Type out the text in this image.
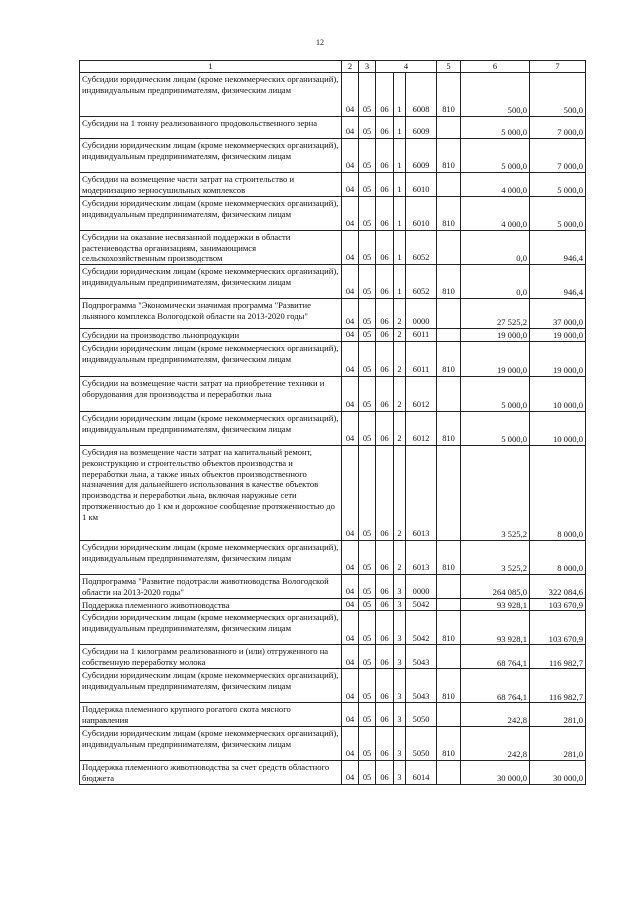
12
1	2	3	4			5	6	7
Субсидии юридическим лицам (кроме некоммерческих организаций), индивидуальным предпринимателям, физическим лицам	04	05	06	1	6008	810	500,0	500,0
Субсидии на 1 тонну реализованного продовольственного зерна	04	05	06	1	6009		5 000,0	7 000,0
Субсидии юридическим лицам (кроме некоммерческих организаций), индивидуальным предпринимателям, физическим лицам	04	05	06	1	6009	810	5 000,0	7 000,0
Субсидии на возмещение части затрат на строительство и модернизацию зерносушильных комплексов	04	05	06	1	6010		4 000,0	5 000,0
Субсидии юридическим лицам (кроме некоммерческих организаций), индивидуальным предпринимателям, физическим лицам	04	05	06	1	6010	810	4 000,0	5 000,0
Субсидии на оказание несвязанной поддержки в области растениеводства организациям, занимающимся сельскохозяйственным производством	04	05	06	1	6052		0,0	946,4
Субсидии юридическим лицам (кроме некоммерческих организаций), индивидуальным предпринимателям, физическим лицам	04	05	06	1	6052	810	0,0	946,4
Подпрограмма "Экономически значимая программа "Развитие льняного комплекса Вологодской области на 2013-2020 годы"	04	05	06	2	0000		27 525,2	37 000,0
Субсидии на производство льнопродукции	04	05	06	2	6011		19 000,0	19 000,0
Субсидии юридическим лицам (кроме некоммерческих организаций), индивидуальным предпринимателям, физическим лицам	04	05	06	2	6011	810	19 000,0	19 000,0
Субсидии на возмещение части затрат на приобретение техники и оборудования для производства и переработки льна	04	05	06	2	6012		5 000,0	10 000,0
Субсидии юридическим лицам (кроме некоммерческих организаций), индивидуальным предпринимателям, физическим лицам	04	05	06	2	6012	810	5 000,0	10 000,0
Субсидия на возмещение части затрат на капитальный ремонт, реконструкцию и строительство объектов производства и переработки льна, а также иных объектов производственного назначения для дальнейшего использования в качестве объектов производства и переработки льна, включая наружные сети протяженностью до 1 км и дорожное сообщение протяженностью до 1 км	04	05	06	2	6013		3 525,2	8 000,0
Субсидии юридическим лицам (кроме некоммерческих организаций), индивидуальным предпринимателям, физическим лицам	04	05	06	2	6013	810	3 525,2	8 000,0
Подпрограмма "Развитие подотрасли животноводства Вологодской области на 2013-2020 годы"	04	05	06	3	0000		264 085,0	322 084,6
Поддержка племенного животноводства	04	05	06	3	5042		93 928,1	103 670,9
Субсидии юридическим лицам (кроме некоммерческих организаций), индивидуальным предпринимателям, физическим лицам	04	05	06	3	5042	810	93 928,1	103 670,9
Субсидии на 1 килограмм реализованного и (или) отгруженного на собственную переработку молока	04	05	06	3	5043		68 764,1	116 982,7
Субсидии юридическим лицам (кроме некоммерческих организаций), индивидуальным предпринимателям, физическим лицам	04	05	06	3	5043	810	68 764,1	116 982,7
Поддержка племенного крупного рогатого скота мясного направления	04	05	06	3	5050		242,8	281,0
Субсидии юридическим лицам (кроме некоммерческих организаций), индивидуальным предпринимателям, физическим лицам	04	05	06	3	5050	810	242,8	281,0
Поддержка племенного животноводства за счет средств областного бюджета	04	05	06	3	6014		30 000,0	30 000,0
